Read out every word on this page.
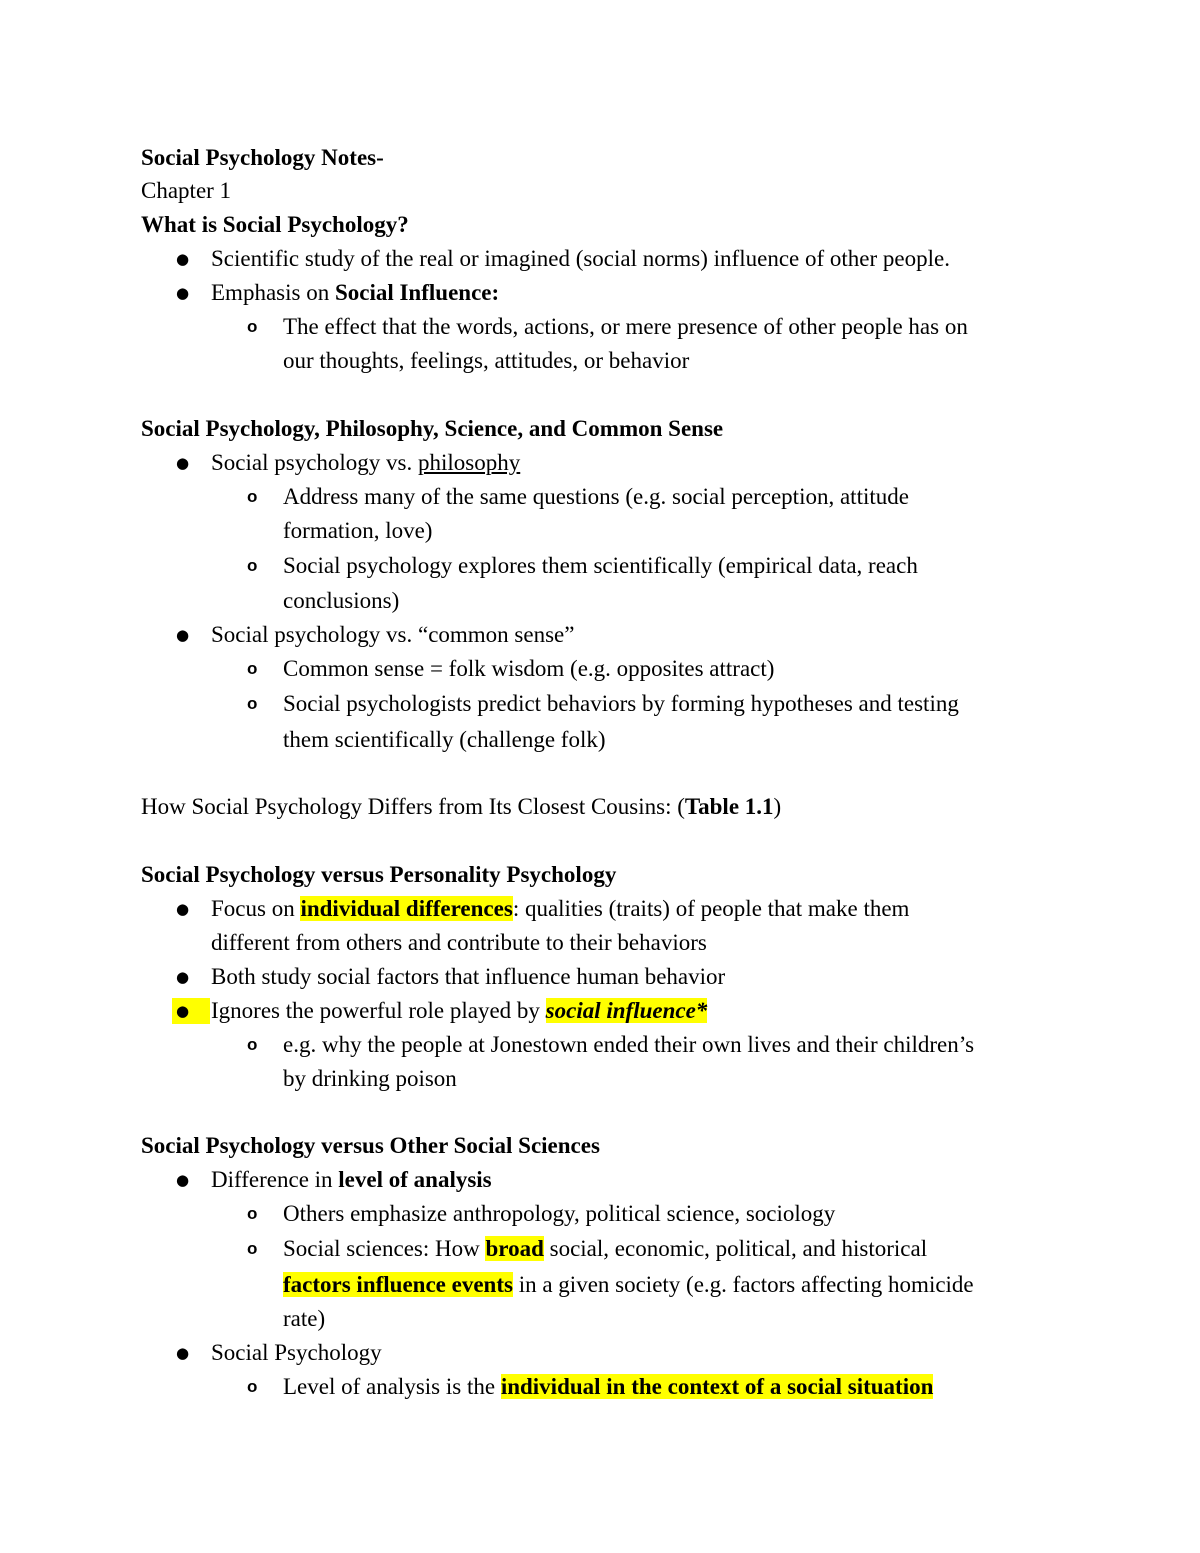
Social Psychology Notes-
Chapter 1
What is Social Psychology?
● Scientific study of the real or imagined (social norms) influence of other people.
● Emphasis on Social Influence:
o The effect that the words, actions, or mere presence of other people has on
our thoughts, feelings, attitudes, or behavior
Social Psychology, Philosophy, Science, and Common Sense
● Social psychology vs. philosophy
o Address many of the same questions (e.g. social perception, attitude
formation, love)
o Social psychology explores them scientifically (empirical data, reach
conclusions)
● Social psychology vs. “common sense”
o Common sense = folk wisdom (e.g. opposites attract)
o Social psychologists predict behaviors by forming hypotheses and testing
them scientifically (challenge folk)
How Social Psychology Differs from Its Closest Cousins: (Table 1.1)
Social Psychology versus Personality Psychology
● Focus on individual differences: qualities (traits) of people that make them
different from others and contribute to their behaviors
● Both study social factors that influence human behavior
● Ignores the powerful role played by social influence*
o e.g. why the people at Jonestown ended their own lives and their children’s
by drinking poison
Social Psychology versus Other Social Sciences
● Difference in level of analysis
o Others emphasize anthropology, political science, sociology
o Social sciences: How broad social, economic, political, and historical
factors influence events in a given society (e.g. factors affecting homicide
rate)
● Social Psychology
o Level of analysis is the individual in the context of a social situation
